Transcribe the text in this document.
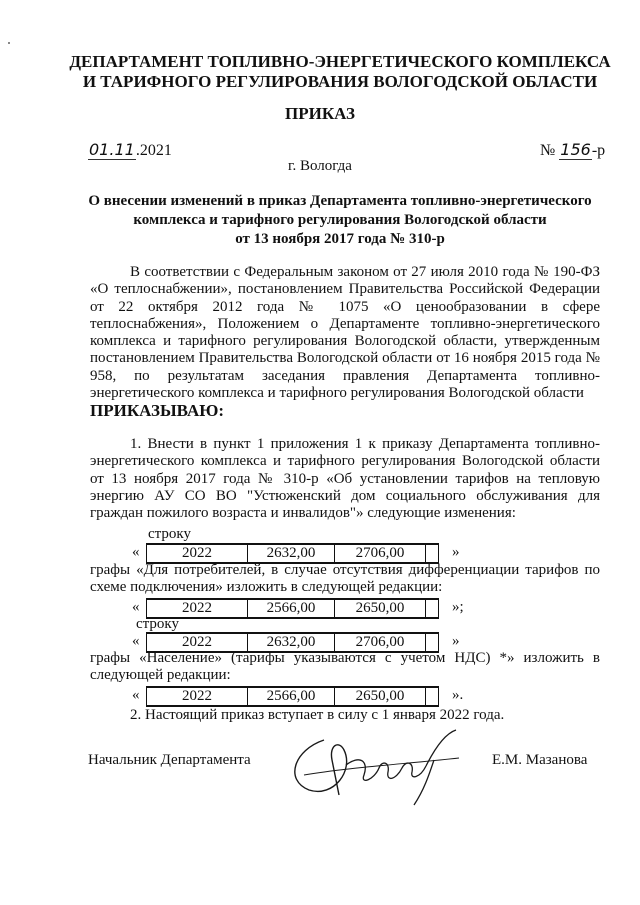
ДЕПАРТАМЕНТ ТОПЛИВНО-ЭНЕРГЕТИЧЕСКОГО КОМПЛЕКСА
И ТАРИФНОГО РЕГУЛИРОВАНИЯ ВОЛОГОДСКОЙ ОБЛАСТИ
ПРИКАЗ
01.11.2021	№ 156-р
г. Вологда
О внесении изменений в приказ Департамента топливно-энергетического
комплекса и тарифного регулирования Вологодской области
от 13 ноября 2017 года № 310-р
В соответствии с Федеральным законом от 27 июля 2010 года № 190-ФЗ «О теплоснабжении», постановлением Правительства Российской Федерации от 22 октября 2012 года № 1075 «О ценообразовании в сфере теплоснабжения», Положением о Департаменте топливно-энергетического комплекса и тарифного регулирования Вологодской области, утвержденным постановлением Правительства Вологодской области от 16 ноября 2015 года № 958, по результатам заседания правления Департамента топливно-энергетического комплекса и тарифного регулирования Вологодской области
ПРИКАЗЫВАЮ:
1. Внести в пункт 1 приложения 1 к приказу Департамента топливно-энергетического комплекса и тарифного регулирования Вологодской области от 13 ноября 2017 года № 310-р «Об установлении тарифов на тепловую энергию АУ СО ВО "Устюженский дом социального обслуживания для граждан пожилого возраста и инвалидов"» следующие изменения:
строку
«	2022	2632,00	2706,00	»
графы «Для потребителей, в случае отсутствия дифференциации тарифов по схеме подключения» изложить в следующей редакции:
«	2022	2566,00	2650,00	»;
строку
«	2022	2632,00	2706,00	»
графы «Население» (тарифы указываются с учетом НДС) *» изложить в следующей редакции:
«	2022	2566,00	2650,00	».
2. Настоящий приказ вступает в силу с 1 января 2022 года.
Начальник Департамента	Е.М. Мазанова
